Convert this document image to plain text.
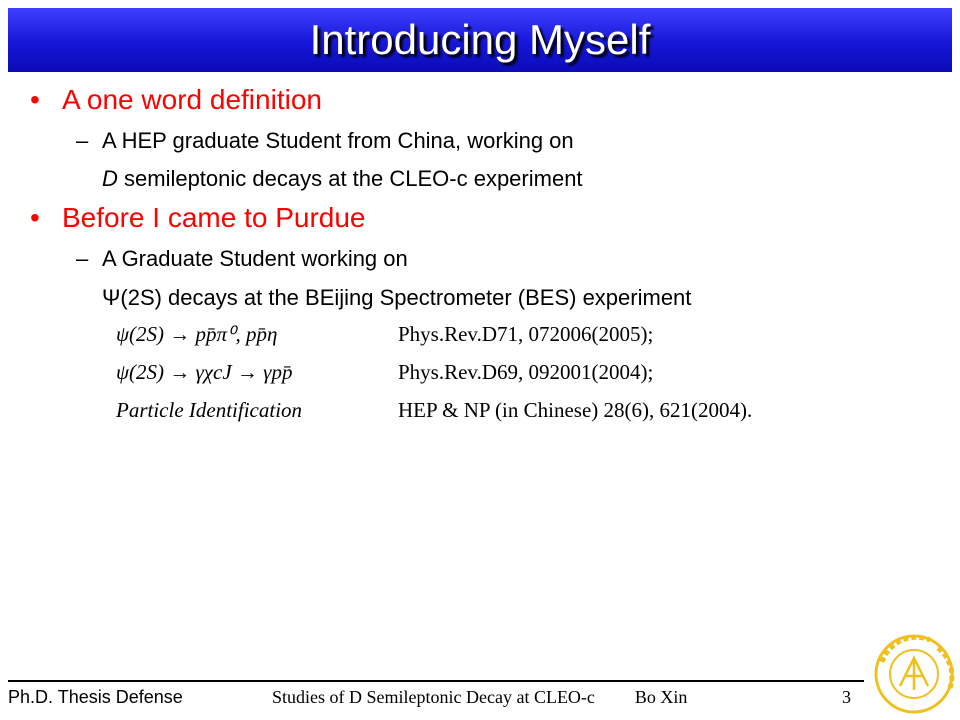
Introducing Myself
• A one word definition
– A HEP graduate Student from China, working on
D semileptonic decays at the CLEO-c experiment
• Before I came to Purdue
– A Graduate Student working on
Ψ(2S) decays at the BEijing Spectrometer (BES) experiment
ψ(2S) → pp̄π⁰, pp̄η	Phys.Rev.D71, 072006(2005);
ψ(2S) → γχcJ → γpp̄	Phys.Rev.D69, 092001(2004);
Particle Identification	HEP & NP (in Chinese) 28(6), 621(2004).
Ph.D. Thesis Defense	Studies of D Semileptonic Decay at CLEO-c Bo Xin	3
